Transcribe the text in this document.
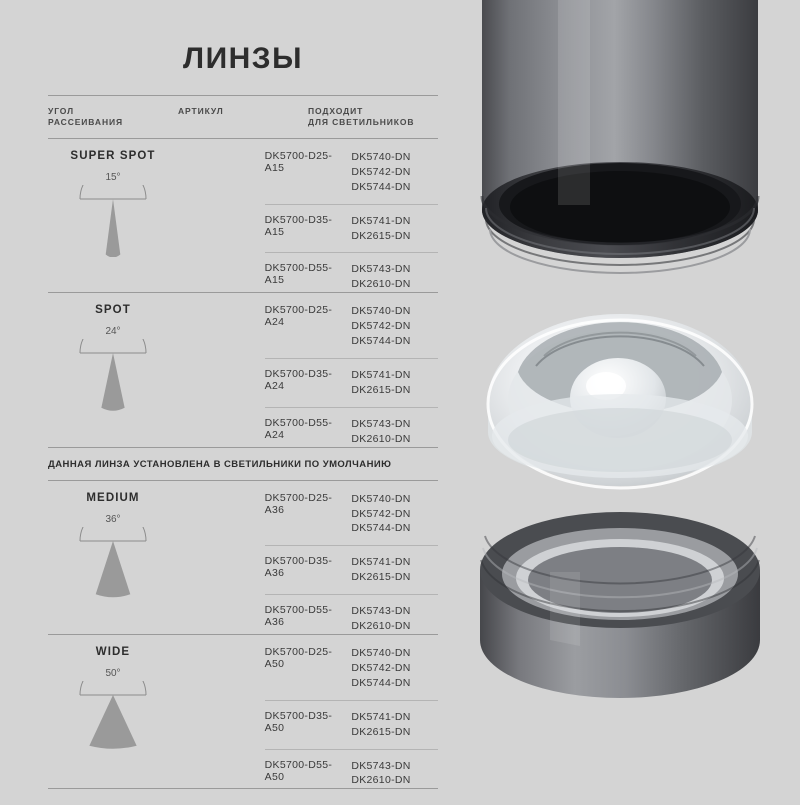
ЛИНЗЫ
УГОЛ
РАССЕИВАНИЯ
АРТИКУЛ	ПОДХОДИТ
ДЛЯ СВЕТИЛЬНИКОВ
SUPER SPOT
15°
DK5700-D25-A15
DK5740-DN
DK5742-DN
DK5744-DN
DK5700-D35-A15
DK5741-DN
DK2615-DN
DK5700-D55-A15
DK5743-DN
DK2610-DN
SPOT
24°
DK5700-D25-A24
DK5740-DN
DK5742-DN
DK5744-DN
DK5700-D35-A24
DK5741-DN
DK2615-DN
DK5700-D55-A24
DK5743-DN
DK2610-DN
ДАННАЯ ЛИНЗА УСТАНОВЛЕНА В СВЕТИЛЬНИКИ ПО УМОЛЧАНИЮ
MEDIUM
36°
DK5700-D25-A36
DK5740-DN
DK5742-DN
DK5744-DN
DK5700-D35-A36
DK5741-DN
DK2615-DN
DK5700-D55-A36
DK5743-DN
DK2610-DN
WIDE
50°
DK5700-D25-A50
DK5740-DN
DK5742-DN
DK5744-DN
DK5700-D35-A50
DK5741-DN
DK2615-DN
DK5700-D55-A50
DK5743-DN
DK2610-DN
